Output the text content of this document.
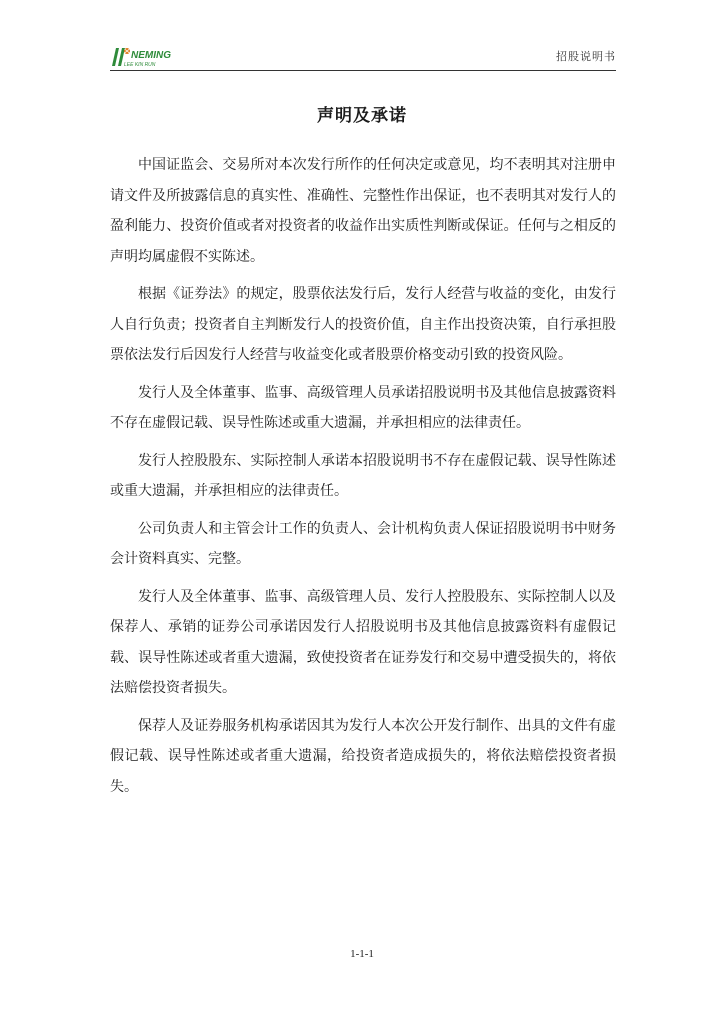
NEMING
LEE KIN RUN
招股说明书
声明及承诺

中国证监会、交易所对本次发行所作的任何决定或意见，均不表明其对注册申请文件及所披露信息的真实性、准确性、完整性作出保证，也不表明其对发行人的盈利能力、投资价值或者对投资者的收益作出实质性判断或保证。任何与之相反的声明均属虚假不实陈述。

根据《证券法》的规定，股票依法发行后，发行人经营与收益的变化，由发行人自行负责；投资者自主判断发行人的投资价值，自主作出投资决策，自行承担股票依法发行后因发行人经营与收益变化或者股票价格变动引致的投资风险。

发行人及全体董事、监事、高级管理人员承诺招股说明书及其他信息披露资料不存在虚假记载、误导性陈述或重大遗漏，并承担相应的法律责任。

发行人控股股东、实际控制人承诺本招股说明书不存在虚假记载、误导性陈述或重大遗漏，并承担相应的法律责任。

公司负责人和主管会计工作的负责人、会计机构负责人保证招股说明书中财务会计资料真实、完整。

发行人及全体董事、监事、高级管理人员、发行人控股股东、实际控制人以及保荐人、承销的证券公司承诺因发行人招股说明书及其他信息披露资料有虚假记载、误导性陈述或者重大遗漏，致使投资者在证券发行和交易中遭受损失的，将依法赔偿投资者损失。

保荐人及证券服务机构承诺因其为发行人本次公开发行制作、出具的文件有虚假记载、误导性陈述或者重大遗漏，给投资者造成损失的，将依法赔偿投资者损失。

1-1-1
